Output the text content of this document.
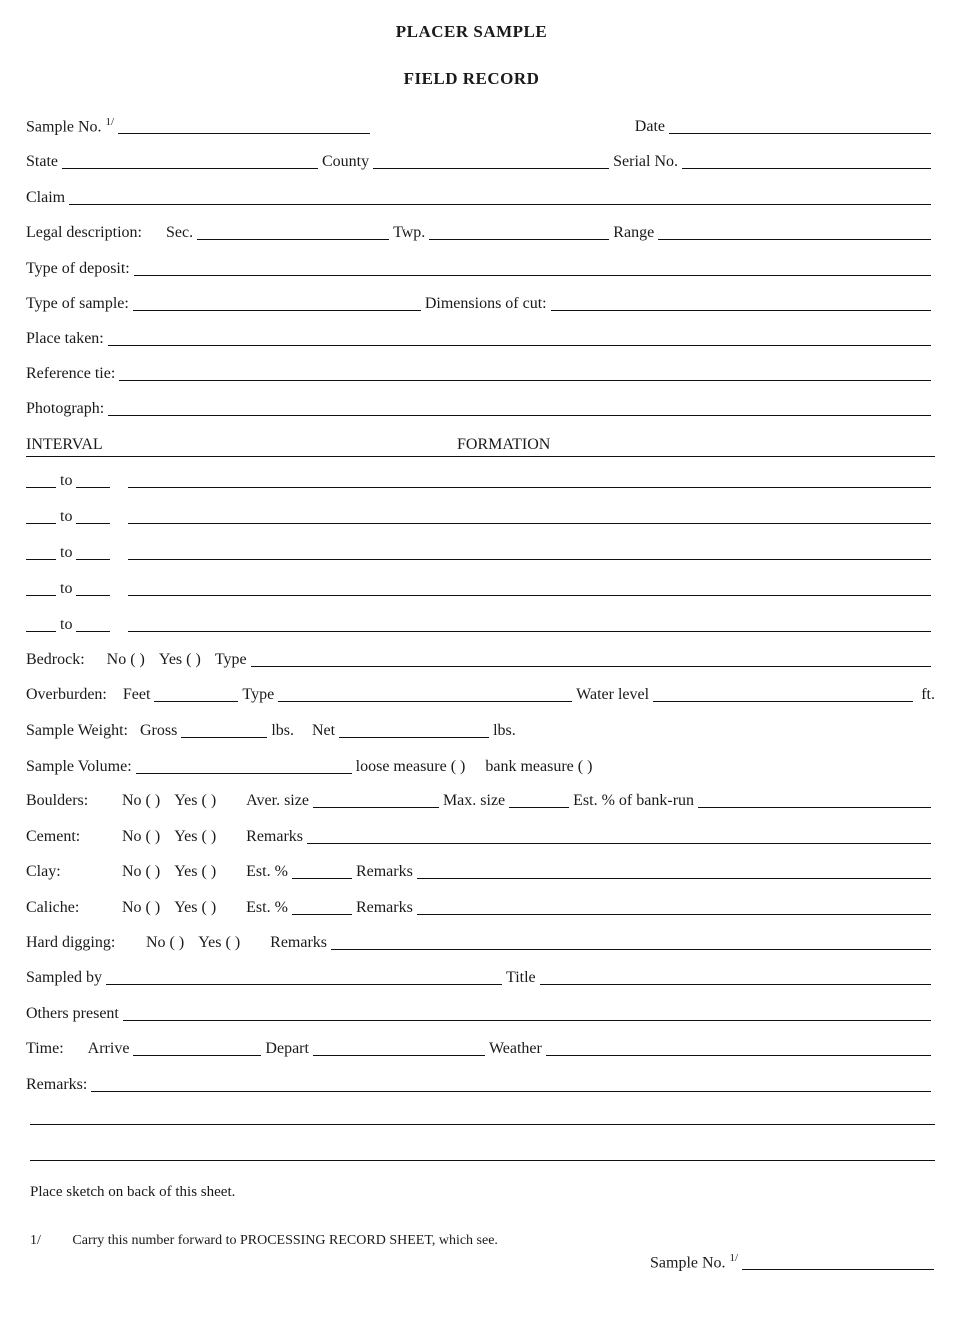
PLACER SAMPLE
FIELD RECORD
Sample No. $^{1/}$	Date
State	County	Serial No.
Claim
Legal description: Sec.	Twp.	Range
Type of deposit:
Type of sample:	Dimensions of cut:
Place taken:
Reference tie:
Photograph:
INTERVAL	FORMATION
to
to
to
to
to
Bedrock: No ( ) Yes ( ) Type
Overburden: Feet	Type	Water level	ft.
Sample Weight: Gross	lbs. Net	lbs.
Sample Volume:	loose measure ( ) bank measure ( )
Boulders:	No ( ) Yes ( ) Aver. size	Max. size	Est. % of bank-run
Cement:	No ( ) Yes ( ) Remarks
Clay:	No ( ) Yes ( ) Est. %	Remarks
Caliche:	No ( ) Yes ( ) Est. %	Remarks
Hard digging:	No ( ) Yes ( ) Remarks
Sampled by	Title
Others present
Time: Arrive	Depart	Weather
Remarks:
Place sketch on back of this sheet.
1/ Carry this number forward to PROCESSING RECORD SHEET, which see.
Sample No. $^{1/}$
